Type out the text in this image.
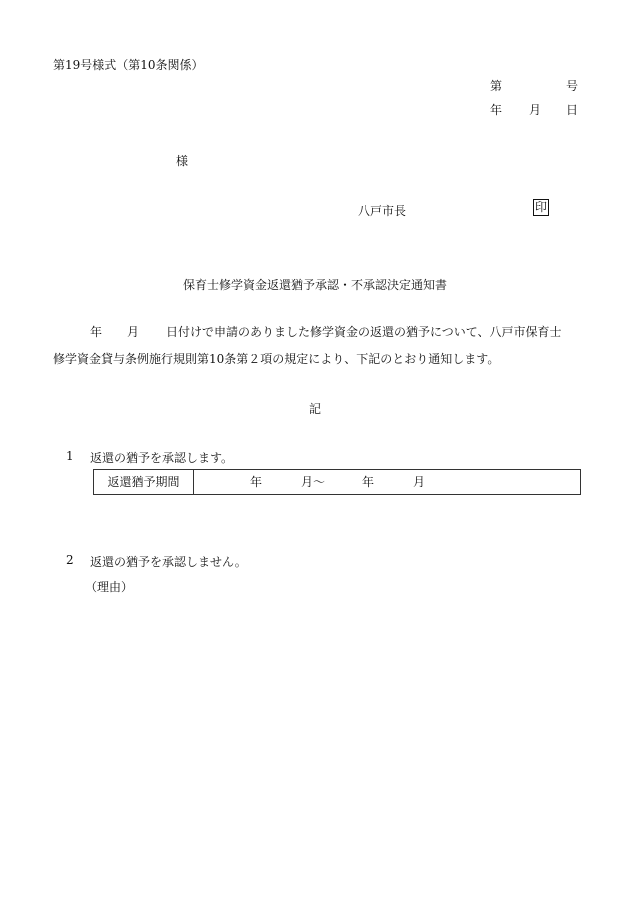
第19号様式（第10条関係）
第	号
年 月 日
様
八戸市長	印
保育士修学資金返還猶予承認・不承認決定通知書
年 月 日付けで申請のありました修学資金の返還の猶予について、八戸市保育士
修学資金貸与条例施行規則第10条第２項の規定により、下記のとおり通知します。
記
1 返還の猶予を承認します。
返還猶予期間	年	月～	年	月
2 返還の猶予を承認しません。
（理由）
